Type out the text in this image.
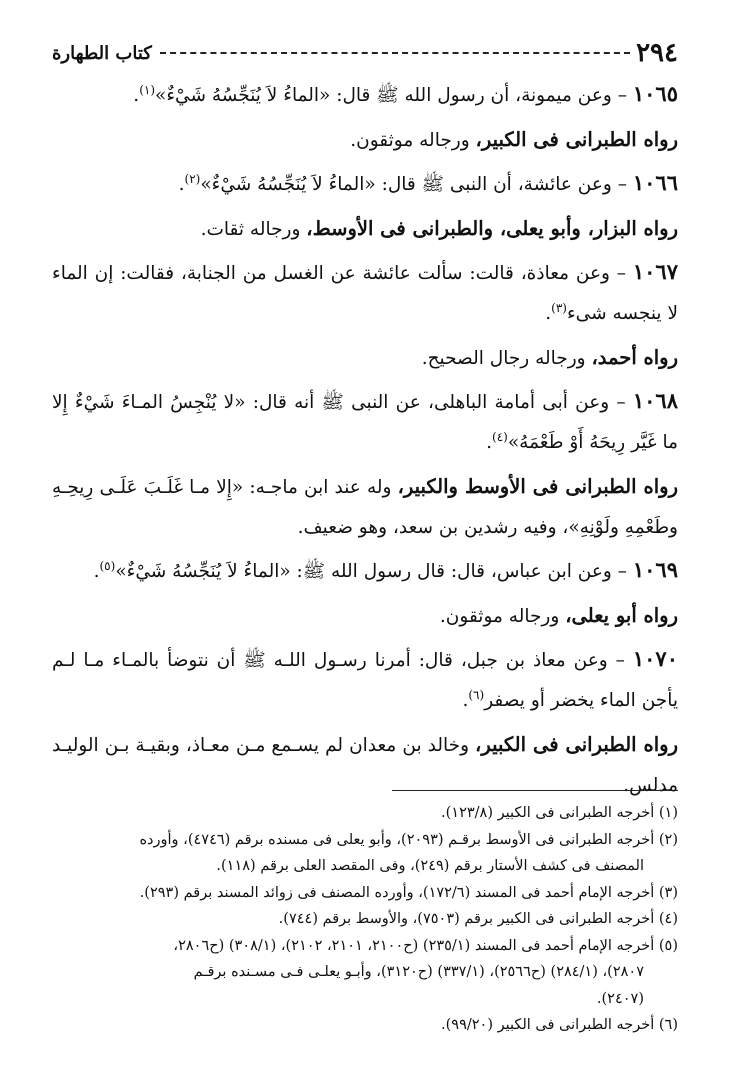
٢٩٤
كتاب الطهارة

١٠٦٥ – وعن ميمونة، أن رسول الله ﷺ قال: «الماءُ لاَ يُنَجِّسُهُ شَيْءٌ»$^{(١)}$.

رواه الطبرانى فى الكبير، ورجاله موثقون.

١٠٦٦ – وعن عائشة، أن النبى ﷺ قال: «الماءُ لاَ يُنَجِّسُهُ شَيْءٌ»$^{(٢)}$.

رواه البزار، وأبو يعلى، والطبرانى فى الأوسط، ورجاله ثقات.

١٠٦٧ – وعن معاذة، قالت: سألت عائشة عن الغسل من الجنابة، فقالت: إن الماء لا ينجسه شىء$^{(٣)}$.

رواه أحمد، ورجاله رجال الصحيح.

١٠٦٨ – وعن أبى أمامة الباهلى، عن النبى ﷺ أنه قال: «لا يُنْجِسُ المـاءَ شَيْءٌ إِلا ما غَيَّر رِيحَهُ أَوْ طَعْمَهُ»$^{(٤)}$.

رواه الطبرانى فى الأوسط والكبير، وله عند ابن ماجـه: «إِلا مـا غَلَـبَ عَلَـى رِيحِـهِ وطَعْمِهِ ولَوْنِهِ»، وفيه رشدين بن سعد، وهو ضعيف.

١٠٦٩ – وعن ابن عباس، قال: قال رسول الله ﷺ: «الماءُ لاَ يُنَجِّسُهُ شَيْءٌ»$^{(٥)}$.

رواه أبو يعلى، ورجاله موثقون.

١٠٧٠ – وعن معاذ بن جبل، قال: أمرنا رسـول اللـه ﷺ أن نتوضأ بالمـاء مـا لـم يأجن الماء يخضر أو يصفر$^{(٦)}$.

رواه الطبرانى فى الكبير، وخالد بن معدان لم يسـمع مـن معـاذ، وبقيـة بـن الوليـد مدلس.

(١) أخرجه الطبرانى فى الكبير (١٢٣/٨).

(٢) أخرجه الطبرانى فى الأوسط برقـم (٢٠٩٣)، وأبو يعلى فى مسنده برقم (٤٧٤٦)، وأورده

المصنف فى كشف الأستار برقم (٢٤٩)، وفى المقصد العلى برقم (١١٨).

(٣) أخرجه الإمام أحمد فى المسند (١٧٢/٦)، وأورده المصنف فى زوائد المسند برقم (٢٩٣).

(٤) أخرجه الطبرانى فى الكبير برقم (٧٥٠٣)، والأوسط برقم (٧٤٤).

(٥) أخرجه الإمام أحمد فى المسند (٢٣٥/١) (ح٢١٠٠، ٢١٠١، ٢١٠٢)، (٣٠٨/١) (ح٢٨٠٦،

٢٨٠٧)، (٢٨٤/١) (ح٢٥٦٦)، (٣٣٧/١) (ح٣١٢٠)، وأبـو يعلـى فـى مسـنده برقـم

(٢٤٠٧).

(٦) أخرجه الطبرانى فى الكبير (٩٩/٢٠).
